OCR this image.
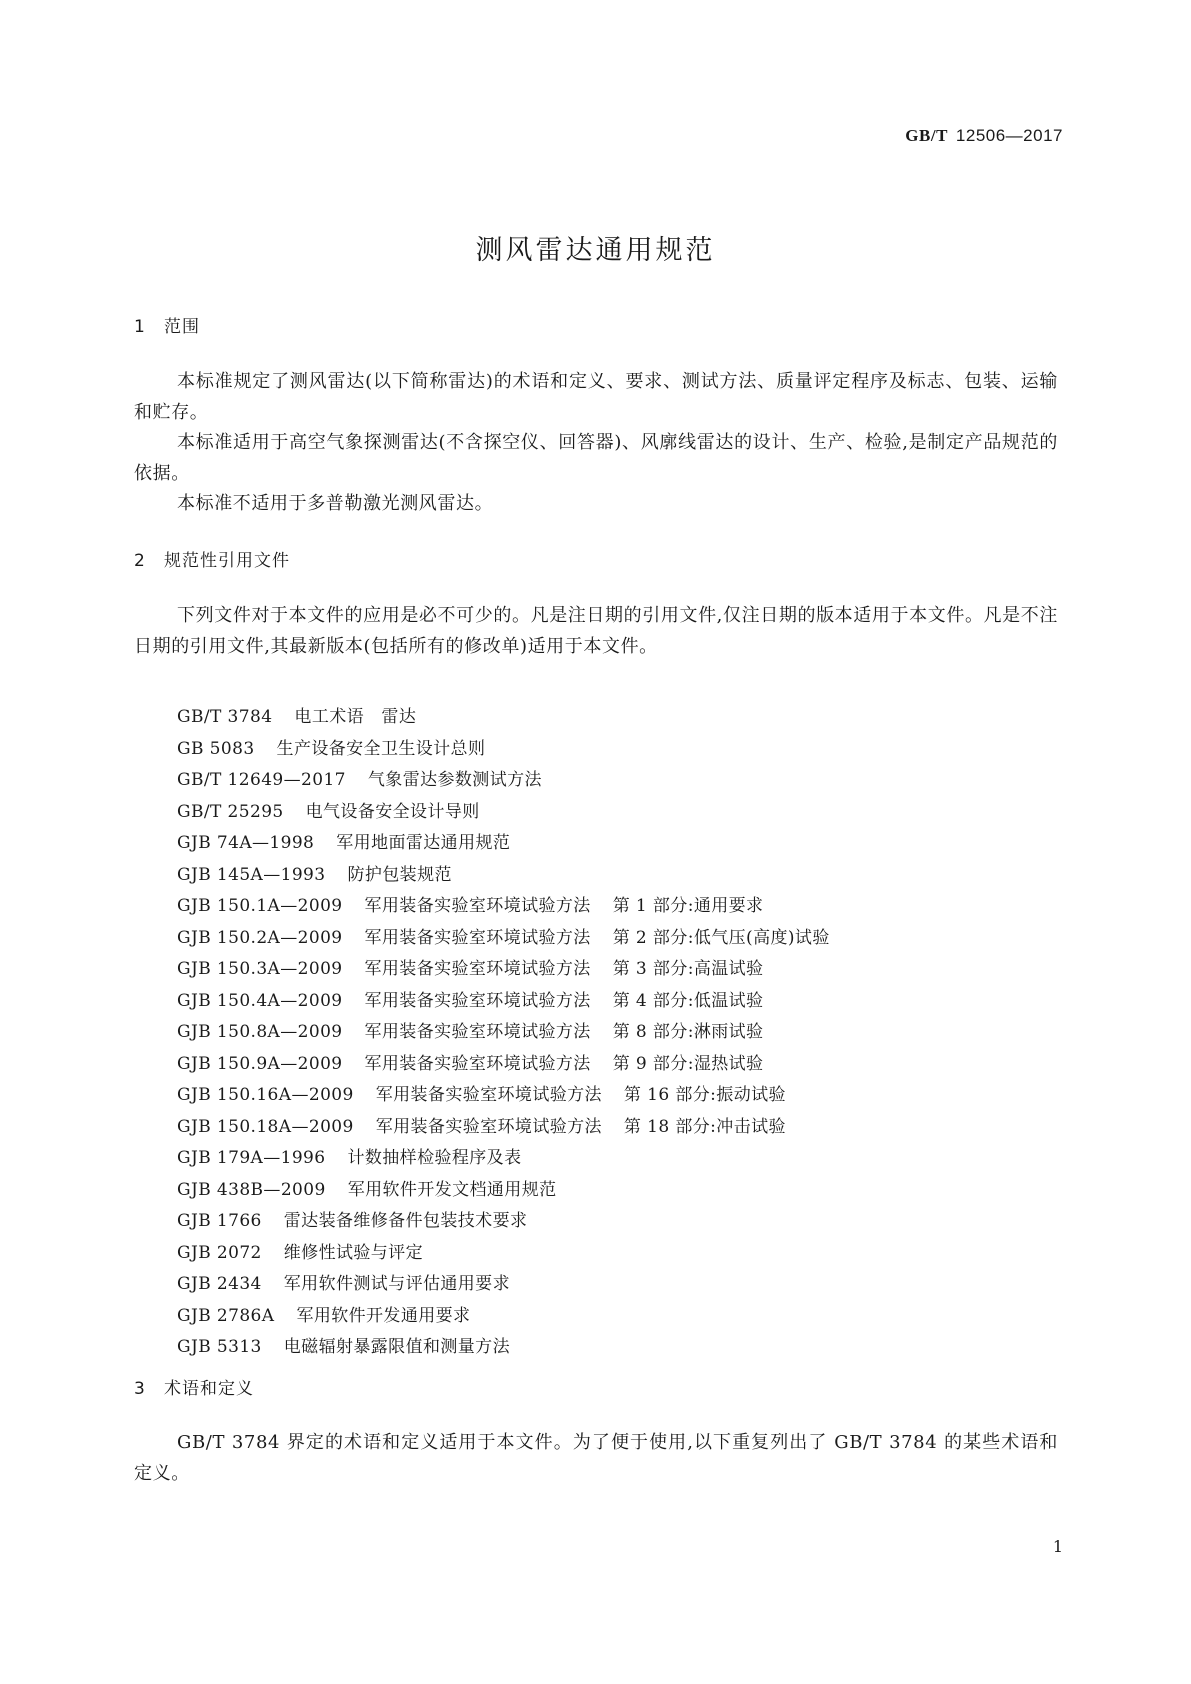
GB/T 12506—2017
测风雷达通用规范
1 范围
本标准规定了测风雷达(以下简称雷达)的术语和定义、要求、测试方法、质量评定程序及标志、包装、运输和贮存。
本标准适用于高空气象探测雷达(不含探空仪、回答器)、风廓线雷达的设计、生产、检验,是制定产品规范的依据。
本标准不适用于多普勒激光测风雷达。
2 规范性引用文件
下列文件对于本文件的应用是必不可少的。凡是注日期的引用文件,仅注日期的版本适用于本文件。凡是不注日期的引用文件,其最新版本(包括所有的修改单)适用于本文件。
GB/T 3784 电工术语　雷达
GB 5083 生产设备安全卫生设计总则
GB/T 12649—2017 气象雷达参数测试方法
GB/T 25295 电气设备安全设计导则
GJB 74A—1998 军用地面雷达通用规范
GJB 145A—1993 防护包装规范
GJB 150.1A—2009 军用装备实验室环境试验方法 第 1 部分:通用要求
GJB 150.2A—2009 军用装备实验室环境试验方法 第 2 部分:低气压(高度)试验
GJB 150.3A—2009 军用装备实验室环境试验方法 第 3 部分:高温试验
GJB 150.4A—2009 军用装备实验室环境试验方法 第 4 部分:低温试验
GJB 150.8A—2009 军用装备实验室环境试验方法 第 8 部分:淋雨试验
GJB 150.9A—2009 军用装备实验室环境试验方法 第 9 部分:湿热试验
GJB 150.16A—2009 军用装备实验室环境试验方法 第 16 部分:振动试验
GJB 150.18A—2009 军用装备实验室环境试验方法 第 18 部分:冲击试验
GJB 179A—1996 计数抽样检验程序及表
GJB 438B—2009 军用软件开发文档通用规范
GJB 1766 雷达装备维修备件包装技术要求
GJB 2072 维修性试验与评定
GJB 2434 军用软件测试与评估通用要求
GJB 2786A 军用软件开发通用要求
GJB 5313 电磁辐射暴露限值和测量方法
3 术语和定义
GB/T 3784 界定的术语和定义适用于本文件。为了便于使用,以下重复列出了 GB/T 3784 的某些术语和定义。
1
